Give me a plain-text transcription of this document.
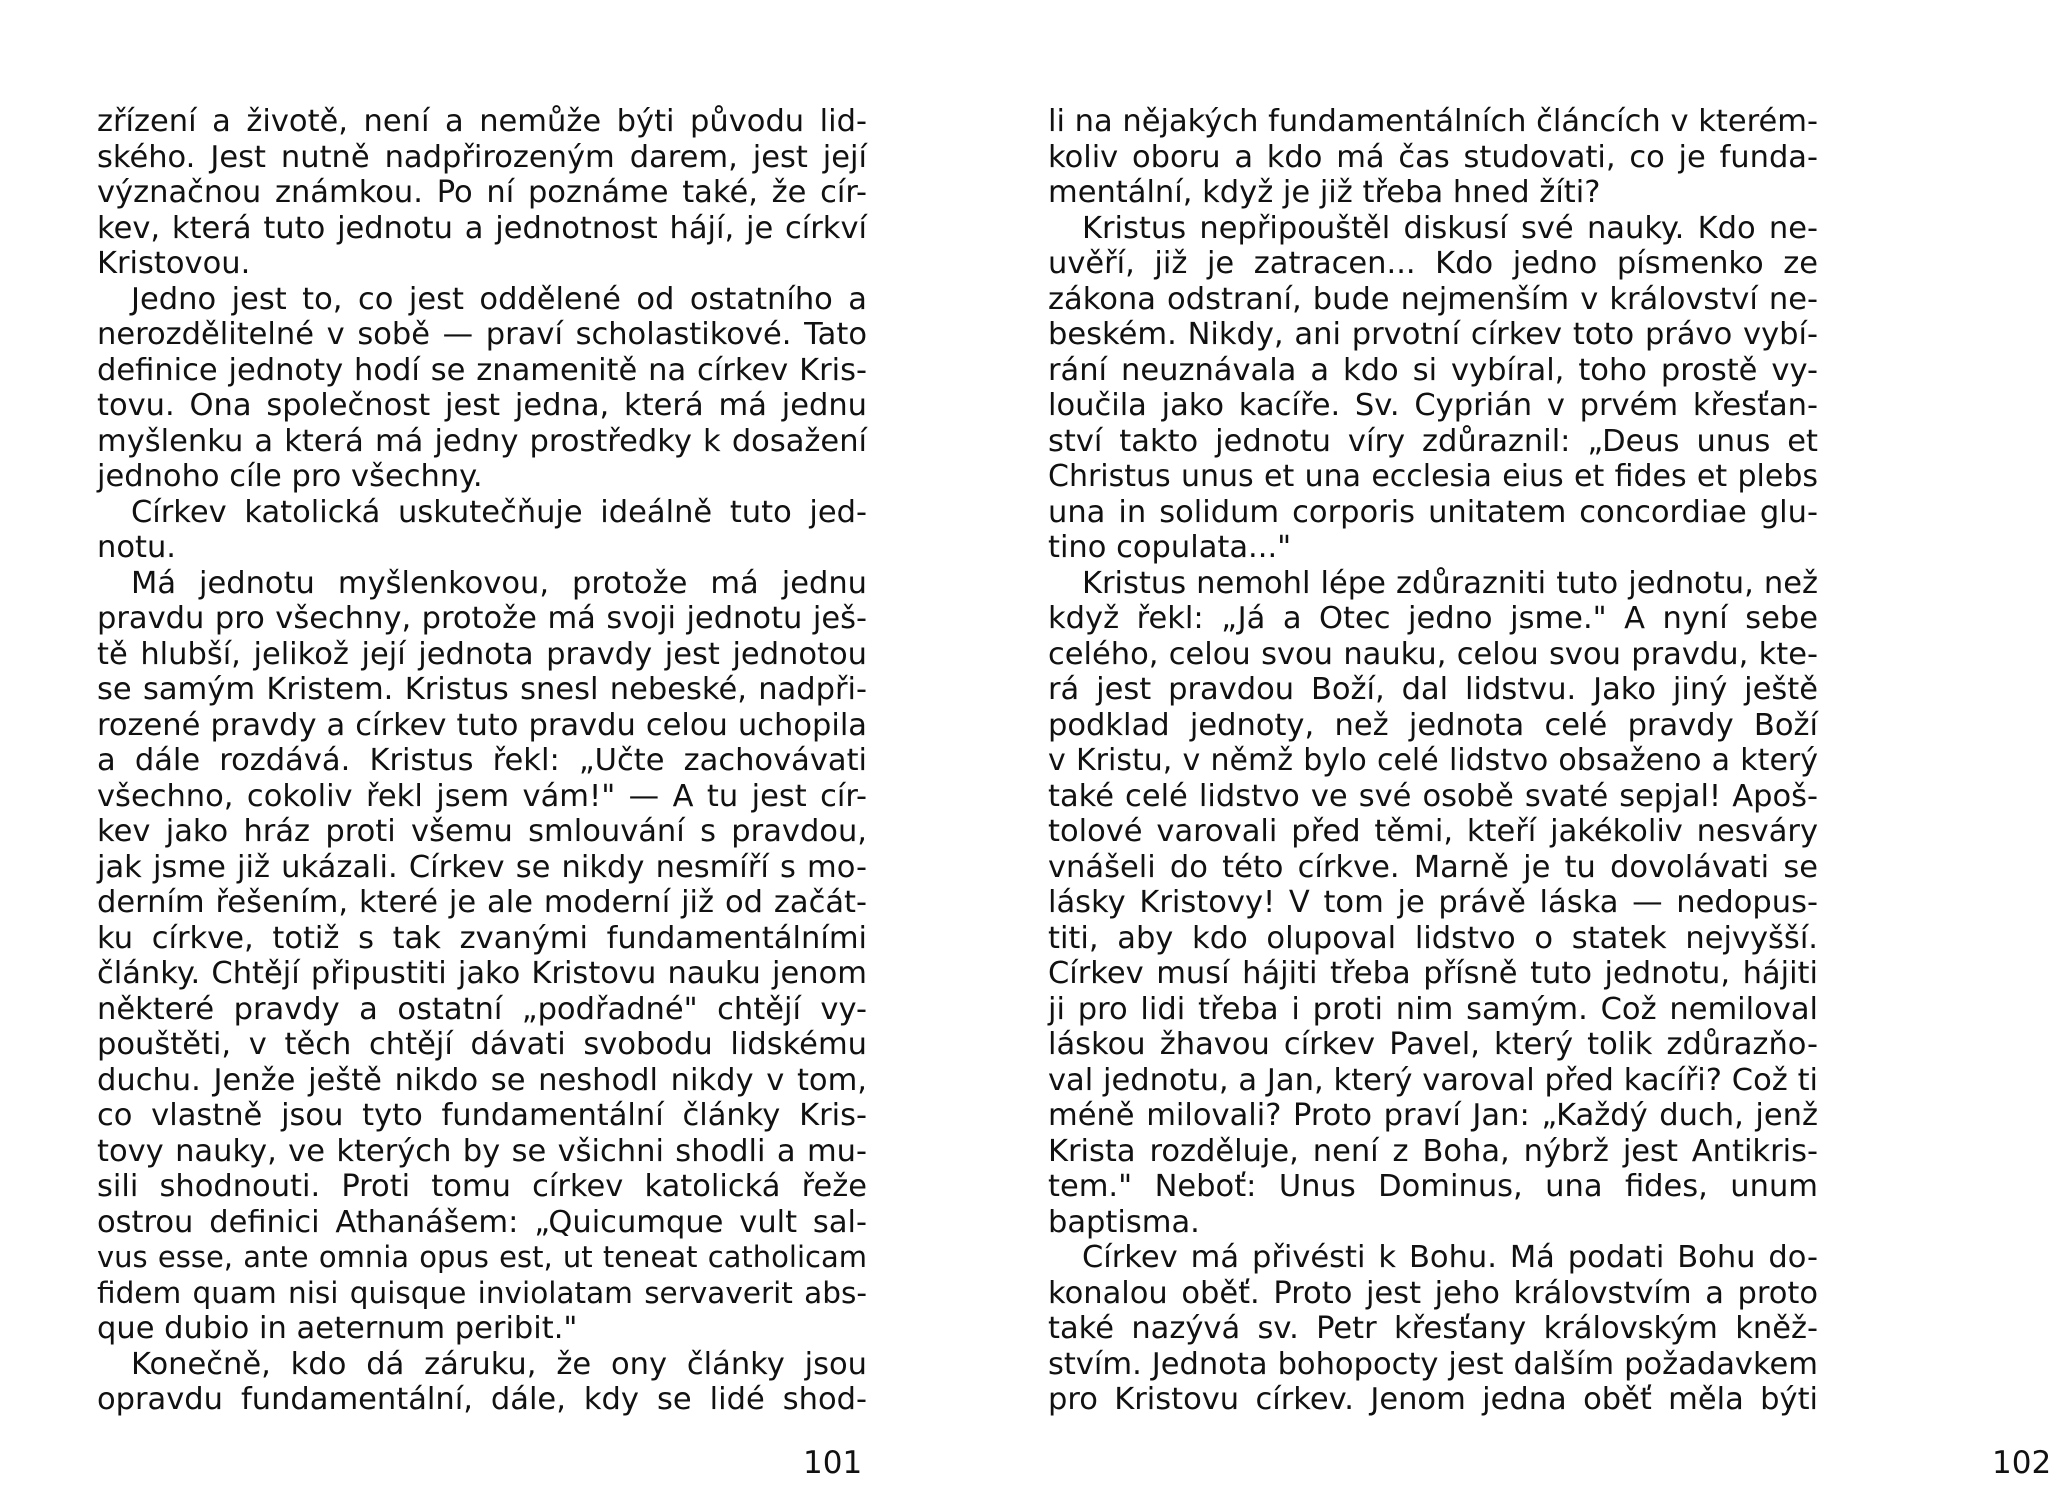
zřízení a životě, není a nemůže býti původu lid-
ského. Jest nutně nadpřirozeným darem, jest její
význačnou známkou. Po ní poznáme také, že cír-
kev, která tuto jednotu a jednotnost hájí, je církví
Kristovou.
Jedno jest to, co jest oddělené od ostatního a
nerozdělitelné v sobě — praví scholastikové. Tato
definice jednoty hodí se znamenitě na církev Kris-
tovu. Ona společnost jest jedna, která má jednu
myšlenku a která má jedny prostředky k dosažení
jednoho cíle pro všechny.
Církev katolická uskutečňuje ideálně tuto jed-
notu.
Má jednotu myšlenkovou, protože má jednu
pravdu pro všechny, protože má svoji jednotu ješ-
tě hlubší, jelikož její jednota pravdy jest jednotou
se samým Kristem. Kristus snesl nebeské, nadpři-
rozené pravdy a církev tuto pravdu celou uchopila
a dále rozdává. Kristus řekl: „Učte zachovávati
všechno, cokoliv řekl jsem vám!" — A tu jest cír-
kev jako hráz proti všemu smlouvání s pravdou,
jak jsme již ukázali. Církev se nikdy nesmíří s mo-
derním řešením, které je ale moderní již od začát-
ku církve, totiž s tak zvanými fundamentálními
články. Chtějí připustiti jako Kristovu nauku jenom
některé pravdy a ostatní „podřadné" chtějí vy-
pouštěti, v těch chtějí dávati svobodu lidskému
duchu. Jenže ještě nikdo se neshodl nikdy v tom,
co vlastně jsou tyto fundamentální články Kris-
tovy nauky, ve kterých by se všichni shodli a mu-
sili shodnouti. Proti tomu církev katolická řeže
ostrou definici Athanášem: „Quicumque vult sal-
vus esse, ante omnia opus est, ut teneat catholicam
fidem quam nisi quisque inviolatam servaverit abs-
que dubio in aeternum peribit."
Konečně, kdo dá záruku, že ony články jsou
opravdu fundamentální, dále, kdy se lidé shod-
101
li na nějakých fundamentálních článcích v kterém-
koliv oboru a kdo má čas studovati, co je funda-
mentální, když je již třeba hned žíti?
Kristus nepřipouštěl diskusí své nauky. Kdo ne-
uvěří, již je zatracen... Kdo jedno písmenko ze
zákona odstraní, bude nejmenším v království ne-
beském. Nikdy, ani prvotní církev toto právo vybí-
rání neuznávala a kdo si vybíral, toho prostě vy-
loučila jako kacíře. Sv. Cyprián v prvém křesťan-
ství takto jednotu víry zdůraznil: „Deus unus et
Christus unus et una ecclesia eius et fides et plebs
una in solidum corporis unitatem concordiae glu-
tino copulata..."
Kristus nemohl lépe zdůrazniti tuto jednotu, než
když řekl: „Já a Otec jedno jsme." A nyní sebe
celého, celou svou nauku, celou svou pravdu, kte-
rá jest pravdou Boží, dal lidstvu. Jako jiný ještě
podklad jednoty, než jednota celé pravdy Boží
v Kristu, v němž bylo celé lidstvo obsaženo a který
také celé lidstvo ve své osobě svaté sepjal! Apoš-
tolové varovali před těmi, kteří jakékoliv nesváry
vnášeli do této církve. Marně je tu dovolávati se
lásky Kristovy! V tom je právě láska — nedopus-
titi, aby kdo olupoval lidstvo o statek nejvyšší.
Církev musí hájiti třeba přísně tuto jednotu, hájiti
ji pro lidi třeba i proti nim samým. Což nemiloval
láskou žhavou církev Pavel, který tolik zdůrazňo-
val jednotu, a Jan, který varoval před kacíři? Což ti
méně milovali? Proto praví Jan: „Každý duch, jenž
Krista rozděluje, není z Boha, nýbrž jest Antikris-
tem." Neboť: Unus Dominus, una fides, unum
baptisma.
Církev má přivésti k Bohu. Má podati Bohu do-
konalou oběť. Proto jest jeho královstvím a proto
také nazývá sv. Petr křesťany královským kněž-
stvím. Jednota bohopocty jest dalším požadavkem
pro Kristovu církev. Jenom jedna oběť měla býti
102
